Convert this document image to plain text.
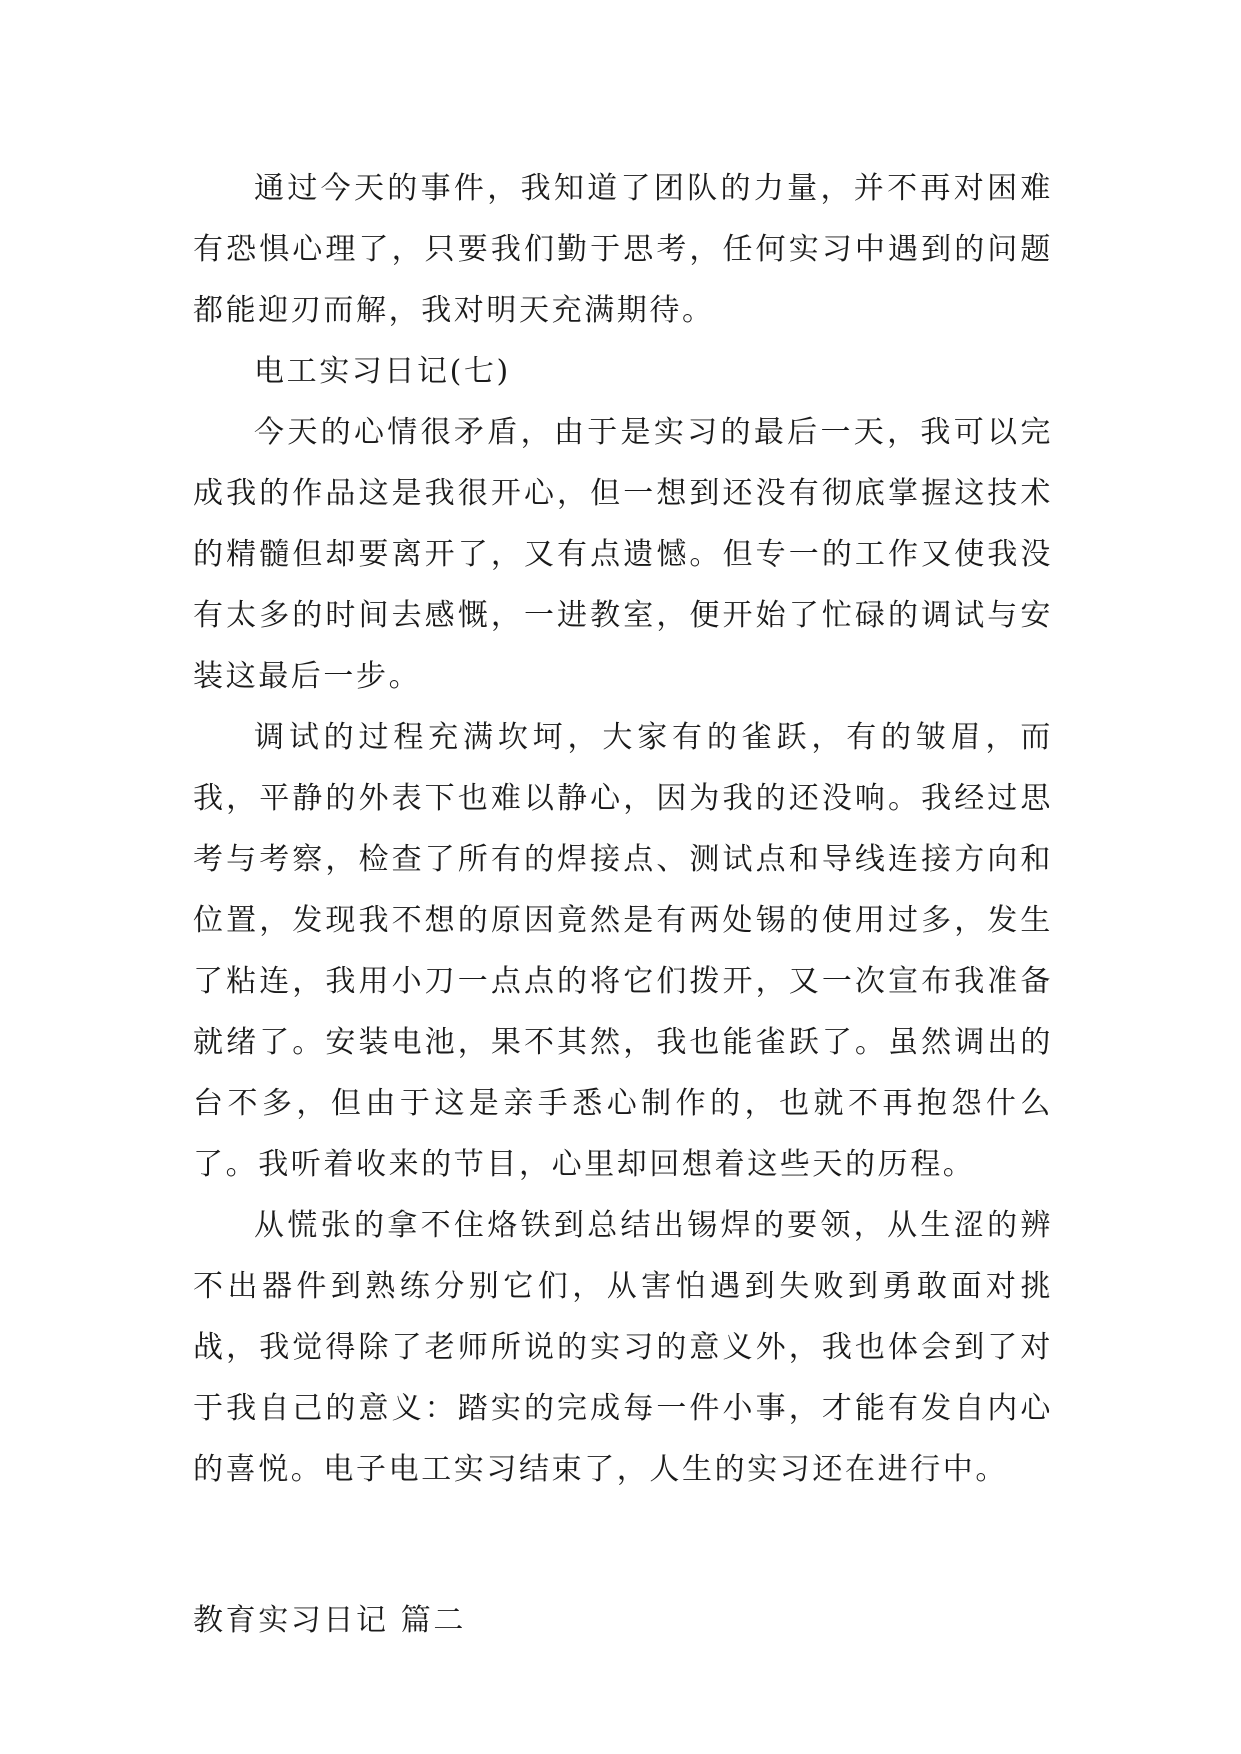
通过今天的事件，我知道了团队的力量，并不再对困难有恐惧心理了，只要我们勤于思考，任何实习中遇到的问题都能迎刃而解，我对明天充满期待。

电工实习日记(七)

今天的心情很矛盾，由于是实习的最后一天，我可以完成我的作品这是我很开心，但一想到还没有彻底掌握这技术的精髓但却要离开了，又有点遗憾。但专一的工作又使我没有太多的时间去感慨，一进教室，便开始了忙碌的调试与安装这最后一步。

调试的过程充满坎坷，大家有的雀跃，有的皱眉，而我，平静的外表下也难以静心，因为我的还没响。我经过思考与考察，检查了所有的焊接点、测试点和导线连接方向和位置，发现我不想的原因竟然是有两处锡的使用过多，发生了粘连，我用小刀一点点的将它们拨开，又一次宣布我准备就绪了。安装电池，果不其然，我也能雀跃了。虽然调出的台不多，但由于这是亲手悉心制作的，也就不再抱怨什么了。我听着收来的节目，心里却回想着这些天的历程。

从慌张的拿不住烙铁到总结出锡焊的要领，从生涩的辨不出器件到熟练分别它们，从害怕遇到失败到勇敢面对挑战，我觉得除了老师所说的实习的意义外，我也体会到了对于我自己的意义：踏实的完成每一件小事，才能有发自内心的喜悦。电子电工实习结束了，人生的实习还在进行中。

教育实习日记 篇二
